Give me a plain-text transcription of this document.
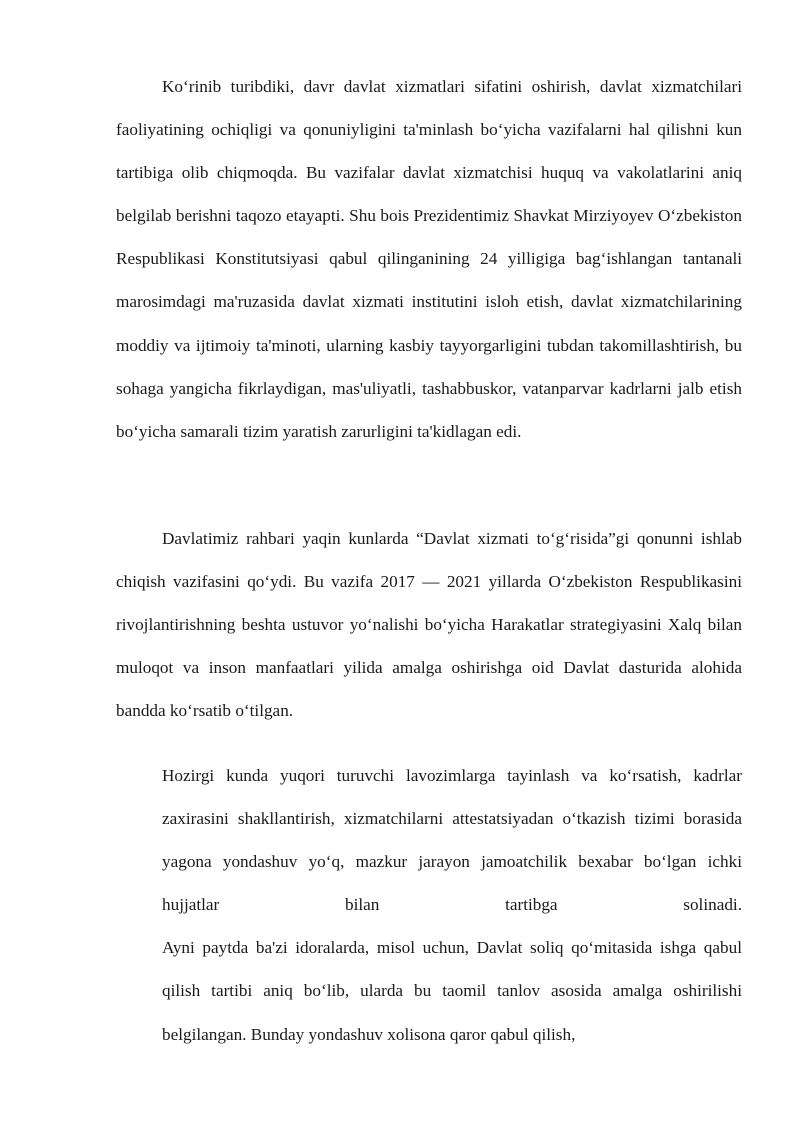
Ko‘rinib turibdiki, davr davlat xizmatlari sifatini oshirish, davlat xizmatchilari faoliyatining ochiqligi va qonuniyligini ta'minlash bo‘yicha vazifalarni hal qilishni kun tartibiga olib chiqmoqda. Bu vazifalar davlat xizmatchisi huquq va vakolatlarini aniq belgilab berishni taqozo etayapti. Shu bois Prezidentimiz Shavkat Mirziyoyev O‘zbekiston Respublikasi Konstitutsiyasi qabul qilinganining 24 yilligiga bag‘ishlangan tantanali marosimdagi ma'ruzasida davlat xizmati institutini isloh etish, davlat xizmatchilarining moddiy va ijtimoiy ta'minoti, ularning kasbiy tayyorgarligini tubdan takomillashtirish, bu sohaga yangicha fikrlaydigan, mas'uliyatli, tashabbuskor, vatanparvar kadrlarni jalb etish bo‘yicha samarali tizim yaratish zarurligini ta'kidlagan edi.

Davlatimiz rahbari yaqin kunlarda “Davlat xizmati to‘g‘risida”gi qonunni ishlab chiqish vazifasini qo‘ydi. Bu vazifa 2017 — 2021 yillarda O‘zbekiston Respublikasini rivojlantirishning beshta ustuvor yo‘nalishi bo‘yicha Harakatlar strategiyasini Xalq bilan muloqot va inson manfaatlari yilida amalga oshirishga oid Davlat dasturida alohida bandda ko‘rsatib o‘tilgan.

Hozirgi kunda yuqori turuvchi lavozimlarga tayinlash va ko‘rsatish, kadrlar zaxirasini shakllantirish, xizmatchilarni attestatsiyadan o‘tkazish tizimi borasida yagona yondashuv yo‘q, mazkur jarayon jamoatchilik bexabar bo‘lgan ichki hujjatlar bilan tartibga solinadi.
Ayni paytda ba'zi idoralarda, misol uchun, Davlat soliq qo‘mitasida ishga qabul qilish tartibi aniq bo‘lib, ularda bu taomil tanlov asosida amalga oshirilishi belgilangan. Bunday yondashuv xolisona qaror qabul qilish,
